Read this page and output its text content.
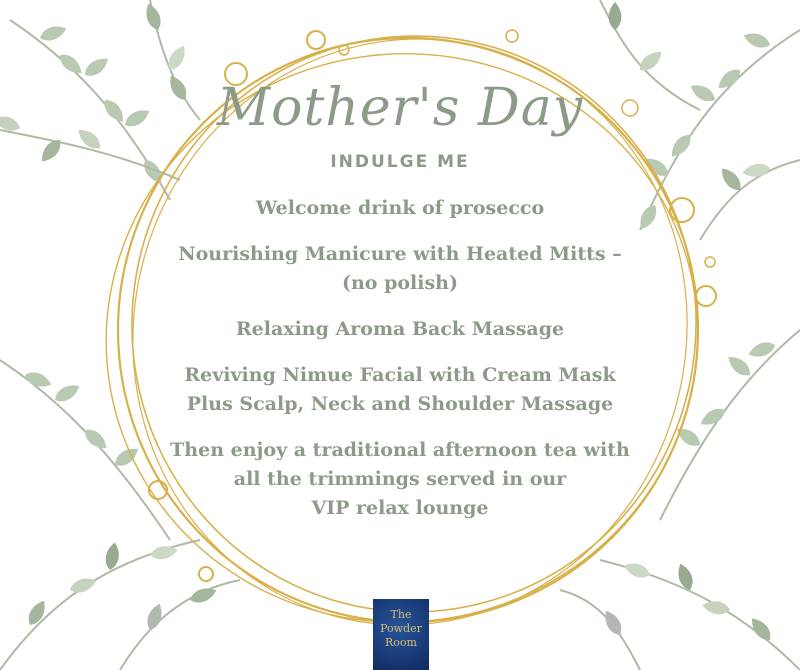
Mother's Day
INDULGE ME

Welcome drink of prosecco

Nourishing Manicure with Heated Mitts –
(no polish)

Relaxing Aroma Back Massage

Reviving Nimue Facial with Cream Mask
Plus Scalp, Neck and Shoulder Massage

Then enjoy a traditional afternoon tea with
all the trimmings served in our
VIP relax lounge

The
Powder
Room
